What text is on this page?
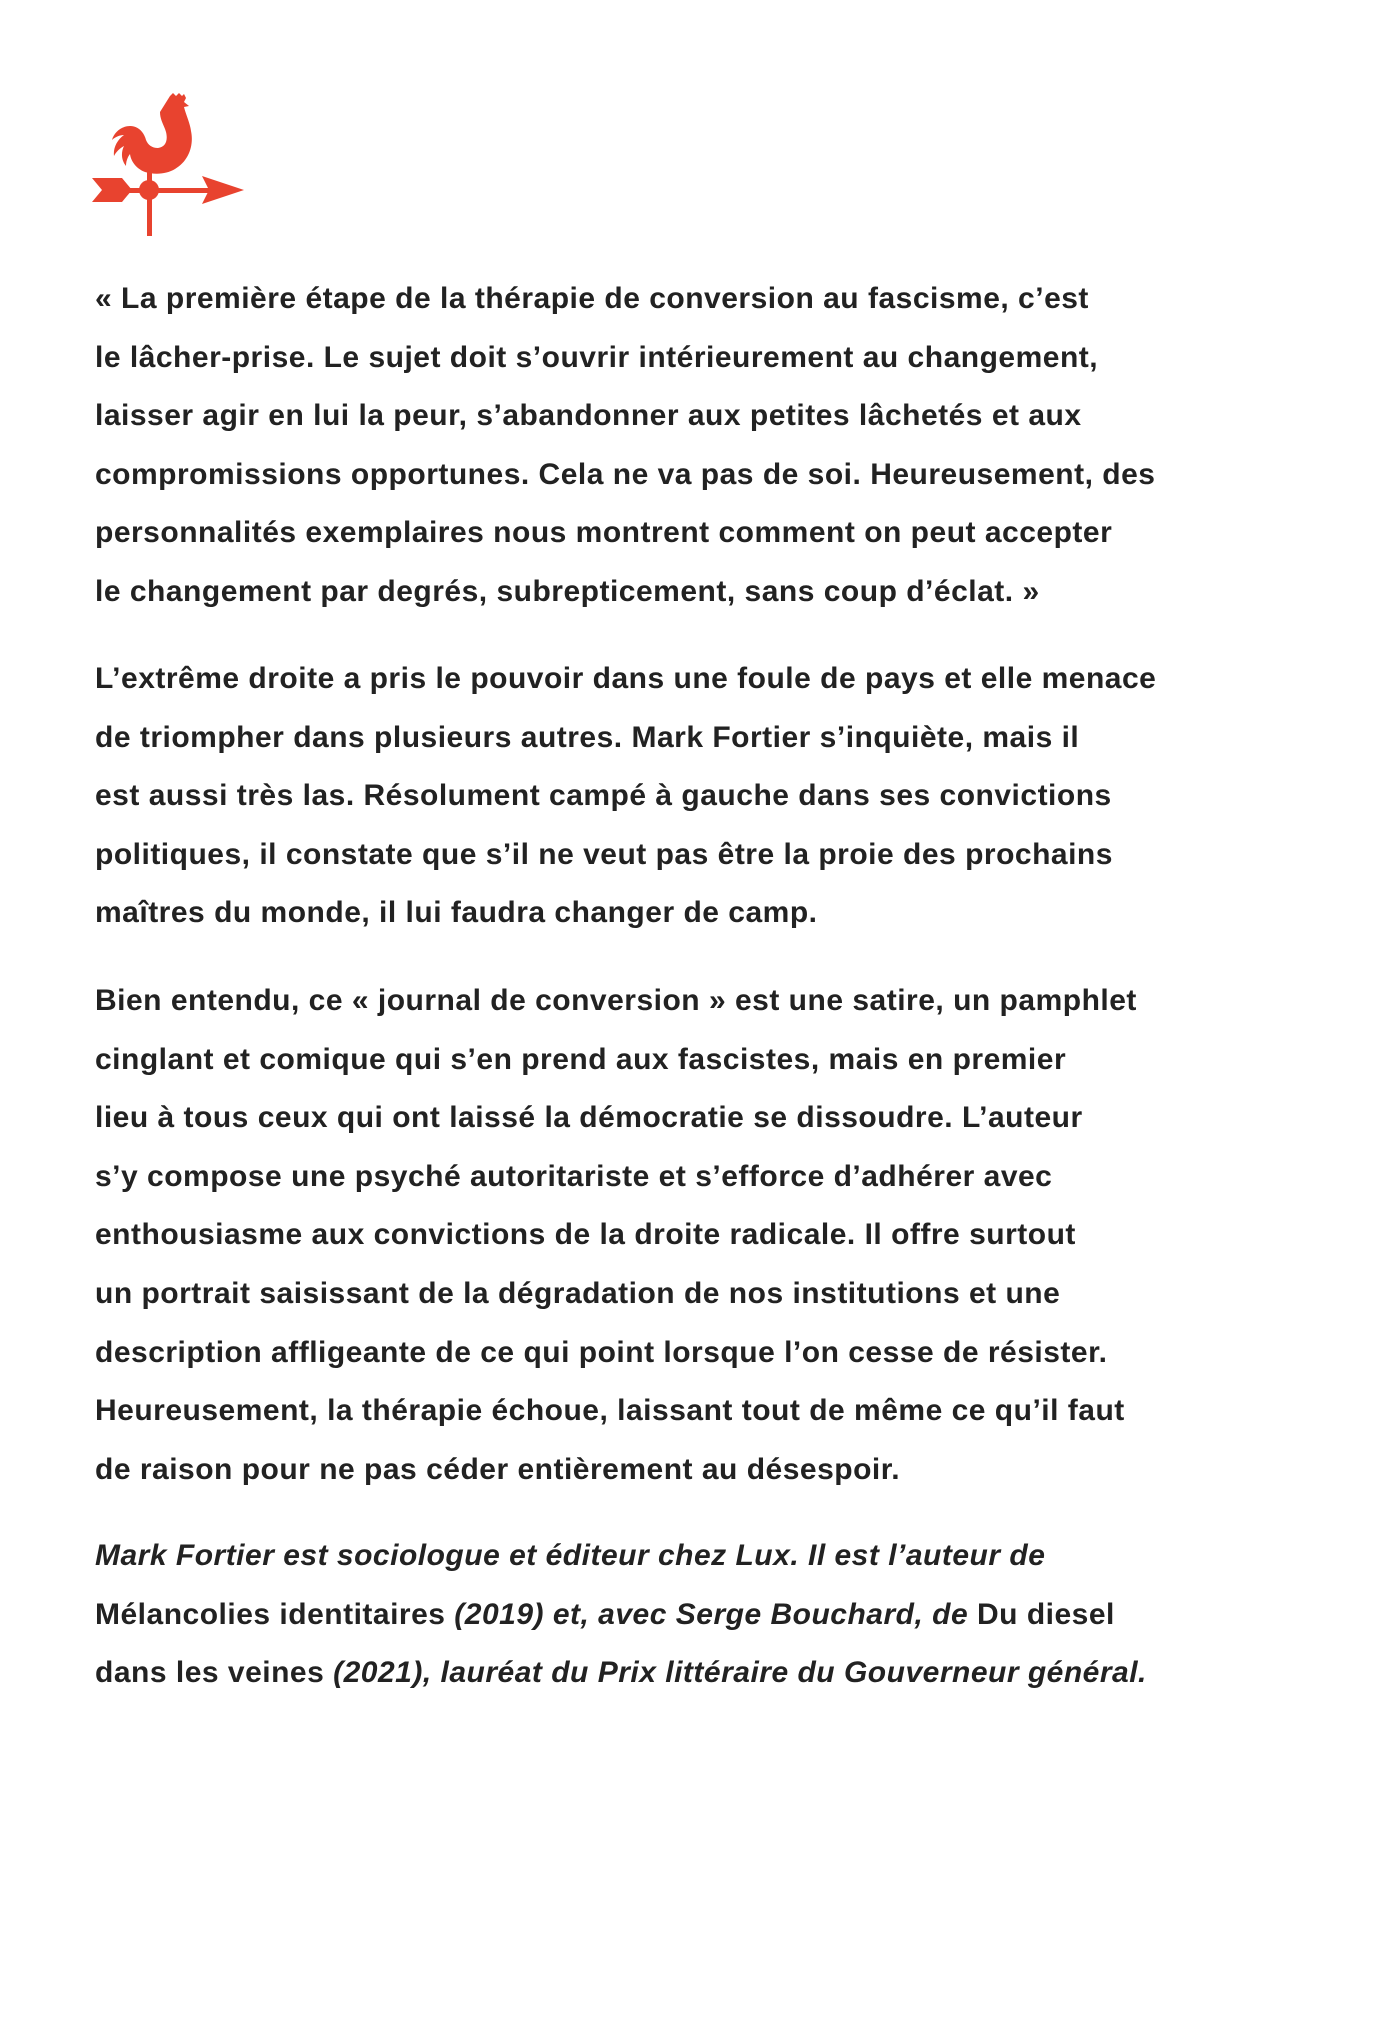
« La première étape de la thérapie de conversion au fascisme, c’est
le lâcher-prise. Le sujet doit s’ouvrir intérieurement au changement,
laisser agir en lui la peur, s’abandonner aux petites lâchetés et aux
compromissions opportunes. Cela ne va pas de soi. Heureusement, des
personnalités exemplaires nous montrent comment on peut accepter
le changement par degrés, subrepticement, sans coup d’éclat. »
L’extrême droite a pris le pouvoir dans une foule de pays et elle menace
de triompher dans plusieurs autres. Mark Fortier s’inquiète, mais il
est aussi très las. Résolument campé à gauche dans ses convictions
politiques, il constate que s’il ne veut pas être la proie des prochains
maîtres du monde, il lui faudra changer de camp.
Bien entendu, ce « journal de conversion » est une satire, un pamphlet
cinglant et comique qui s’en prend aux fascistes, mais en premier
lieu à tous ceux qui ont laissé la démocratie se dissoudre. L’auteur
s’y compose une psyché autoritariste et s’efforce d’adhérer avec
enthousiasme aux convictions de la droite radicale. Il offre surtout
un portrait saisissant de la dégradation de nos institutions et une
description affligeante de ce qui point lorsque l’on cesse de résister.
Heureusement, la thérapie échoue, laissant tout de même ce qu’il faut
de raison pour ne pas céder entièrement au désespoir.
Mark Fortier est sociologue et éditeur chez Lux. Il est l’auteur de
Mélancolies identitaires (2019) et, avec Serge Bouchard, de Du diesel
dans les veines (2021), lauréat du Prix littéraire du Gouverneur général.
